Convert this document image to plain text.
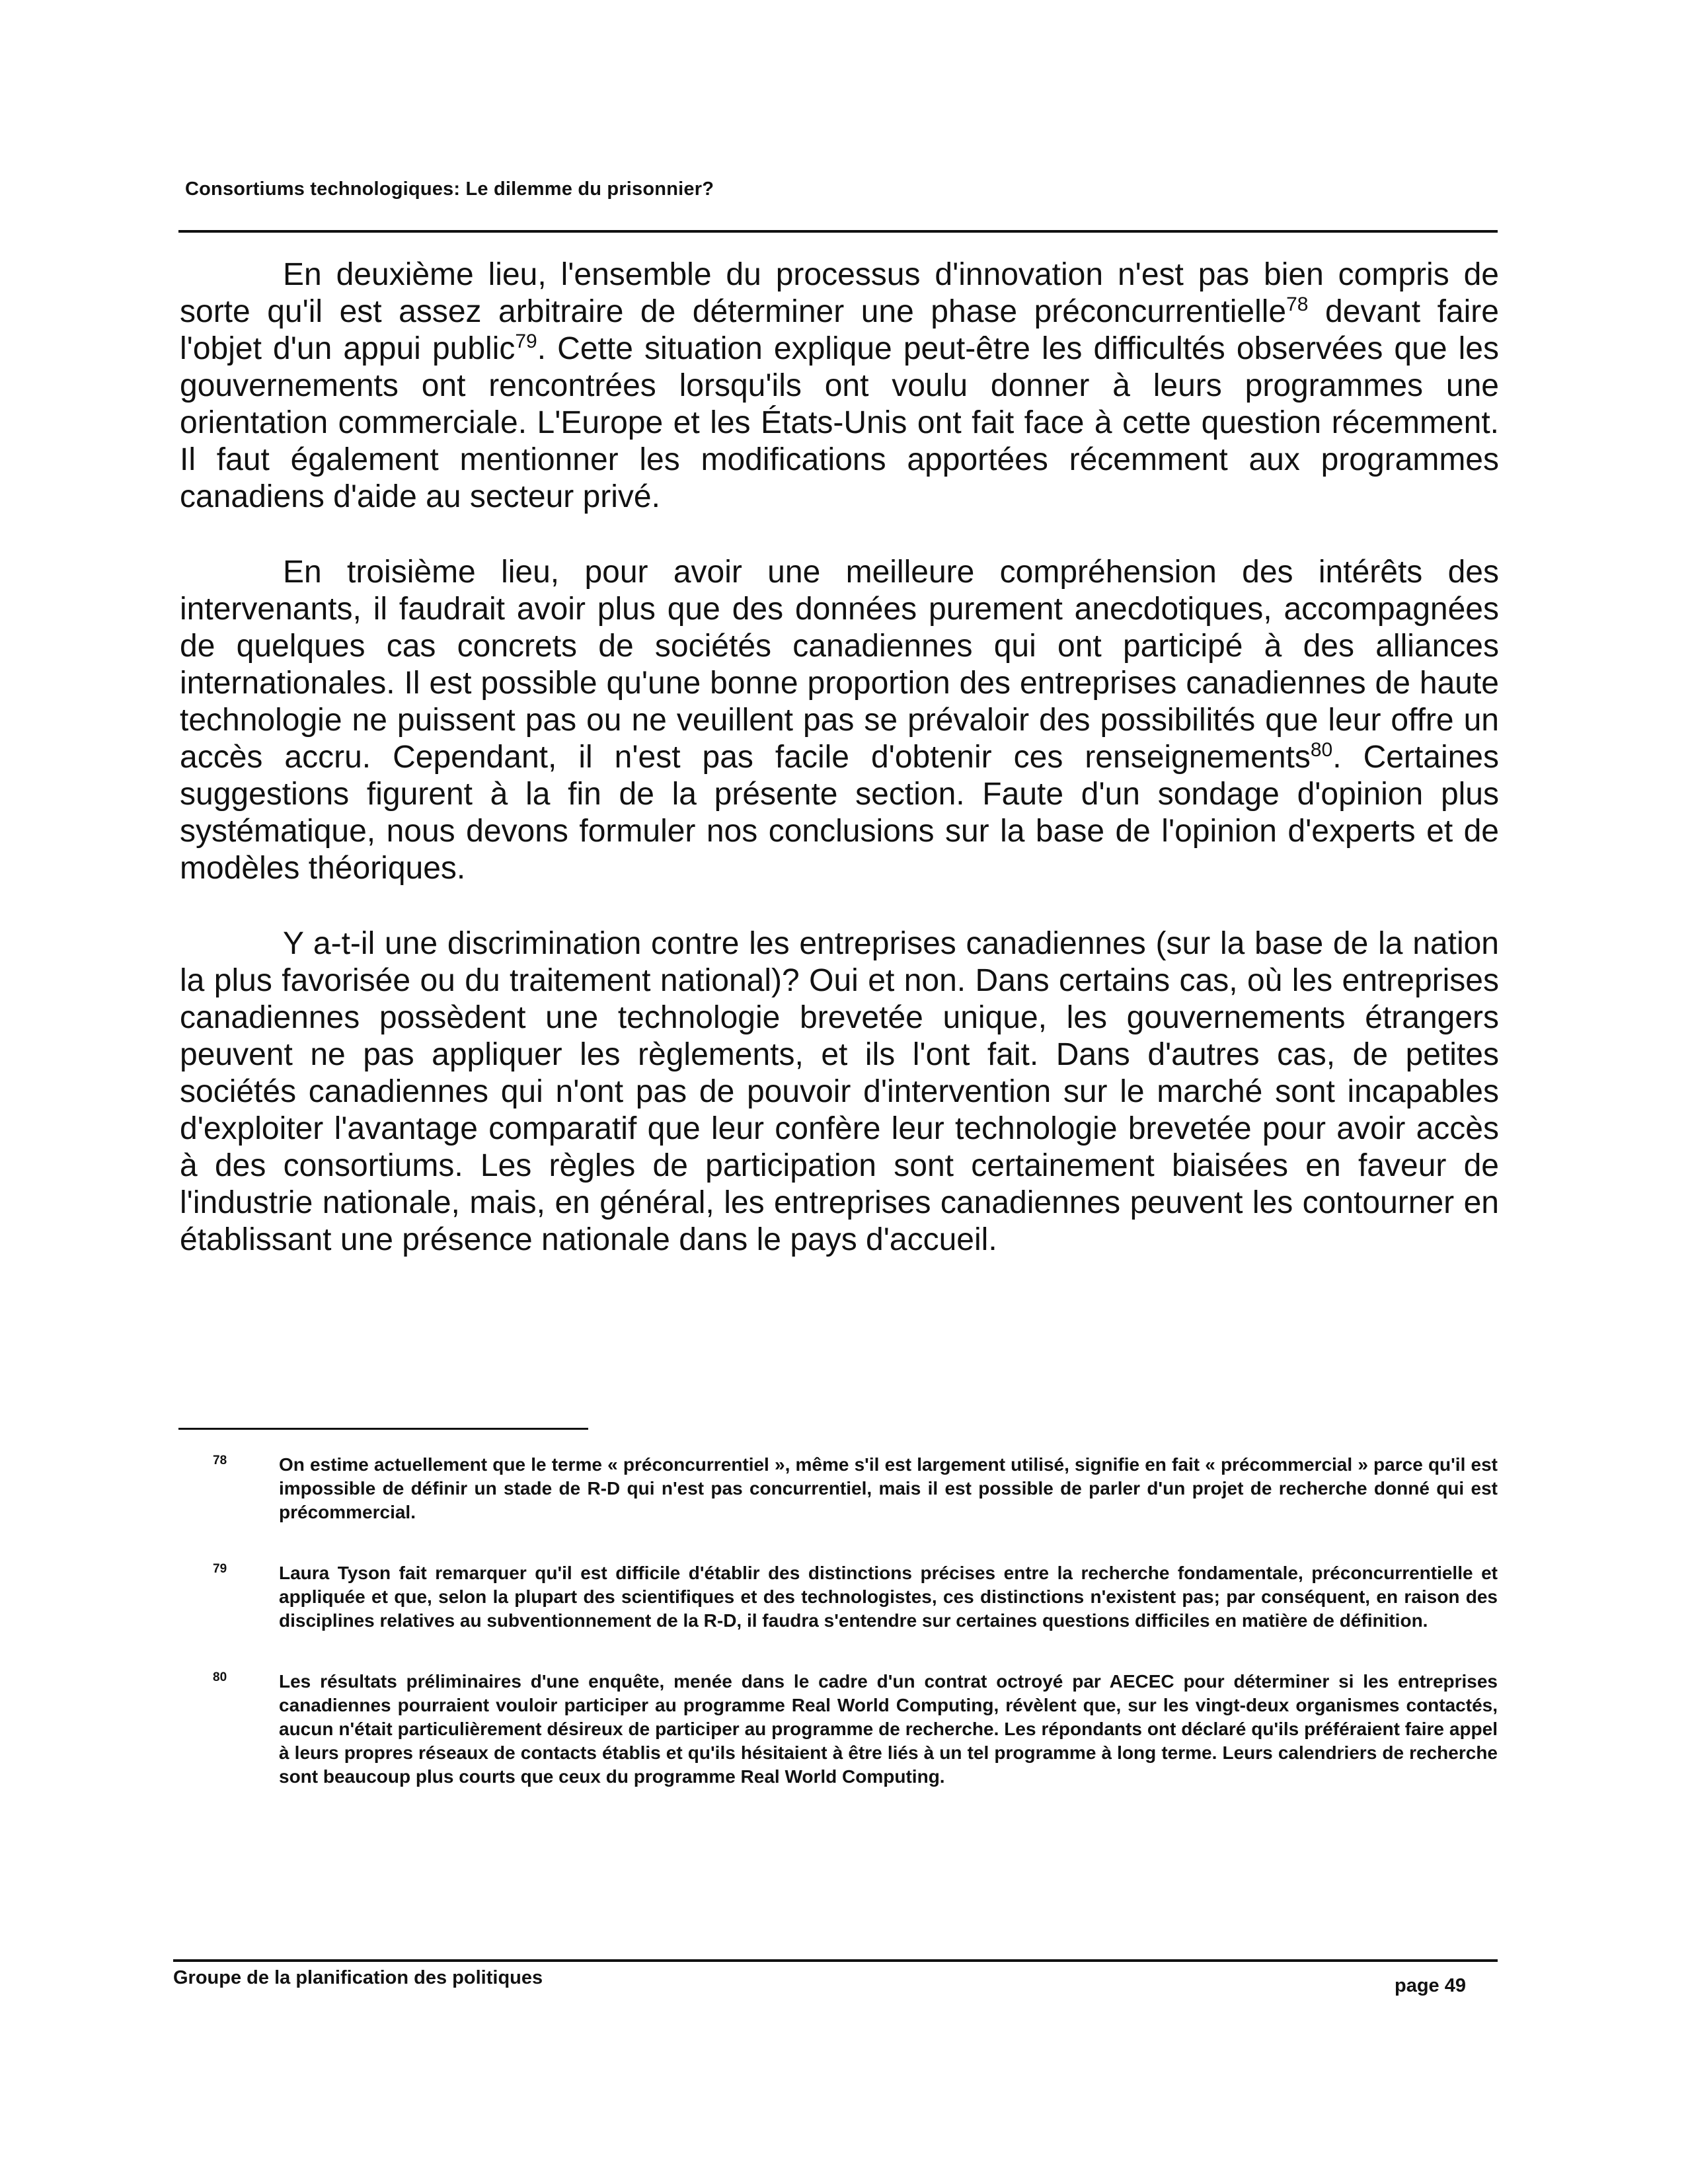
Consortiums technologiques: Le dilemme du prisonnier?

En deuxième lieu, l'ensemble du processus d'innovation n'est pas bien compris de sorte qu'il est assez arbitraire de déterminer une phase préconcurrentielle$^{78}$ devant faire l'objet d'un appui public$^{79}$. Cette situation explique peut-être les difficultés observées que les gouvernements ont rencontrées lorsqu'ils ont voulu donner à leurs programmes une orientation commerciale. L'Europe et les États-Unis ont fait face à cette question récemment. Il faut également mentionner les modifications apportées récemment aux programmes canadiens d'aide au secteur privé.

En troisième lieu, pour avoir une meilleure compréhension des intérêts des intervenants, il faudrait avoir plus que des données purement anecdotiques, accompagnées de quelques cas concrets de sociétés canadiennes qui ont participé à des alliances internationales. Il est possible qu'une bonne proportion des entreprises canadiennes de haute technologie ne puissent pas ou ne veuillent pas se prévaloir des possibilités que leur offre un accès accru. Cependant, il n'est pas facile d'obtenir ces renseignements$^{80}$. Certaines suggestions figurent à la fin de la présente section. Faute d'un sondage d'opinion plus systématique, nous devons formuler nos conclusions sur la base de l'opinion d'experts et de modèles théoriques.

Y a-t-il une discrimination contre les entreprises canadiennes (sur la base de la nation la plus favorisée ou du traitement national)? Oui et non. Dans certains cas, où les entreprises canadiennes possèdent une technologie brevetée unique, les gouvernements étrangers peuvent ne pas appliquer les règlements, et ils l'ont fait. Dans d'autres cas, de petites sociétés canadiennes qui n'ont pas de pouvoir d'intervention sur le marché sont incapables d'exploiter l'avantage comparatif que leur confère leur technologie brevetée pour avoir accès à des consortiums. Les règles de participation sont certainement biaisées en faveur de l'industrie nationale, mais, en général, les entreprises canadiennes peuvent les contourner en établissant une présence nationale dans le pays d'accueil.

78	On estime actuellement que le terme « préconcurrentiel », même s'il est largement utilisé, signifie en fait « précommercial » parce qu'il est impossible de définir un stade de R-D qui n'est pas concurrentiel, mais il est possible de parler d'un projet de recherche donné qui est précommercial.
79	Laura Tyson fait remarquer qu'il est difficile d'établir des distinctions précises entre la recherche fondamentale, préconcurrentielle et appliquée et que, selon la plupart des scientifiques et des technologistes, ces distinctions n'existent pas; par conséquent, en raison des disciplines relatives au subventionnement de la R-D, il faudra s'entendre sur certaines questions difficiles en matière de définition.
80	Les résultats préliminaires d'une enquête, menée dans le cadre d'un contrat octroyé par AECEC pour déterminer si les entreprises canadiennes pourraient vouloir participer au programme Real World Computing, révèlent que, sur les vingt-deux organismes contactés, aucun n'était particulièrement désireux de participer au programme de recherche. Les répondants ont déclaré qu'ils préféraient faire appel à leurs propres réseaux de contacts établis et qu'ils hésitaient à être liés à un tel programme à long terme. Leurs calendriers de recherche sont beaucoup plus courts que ceux du programme Real World Computing.
Groupe de la planification des politiques	page 49
